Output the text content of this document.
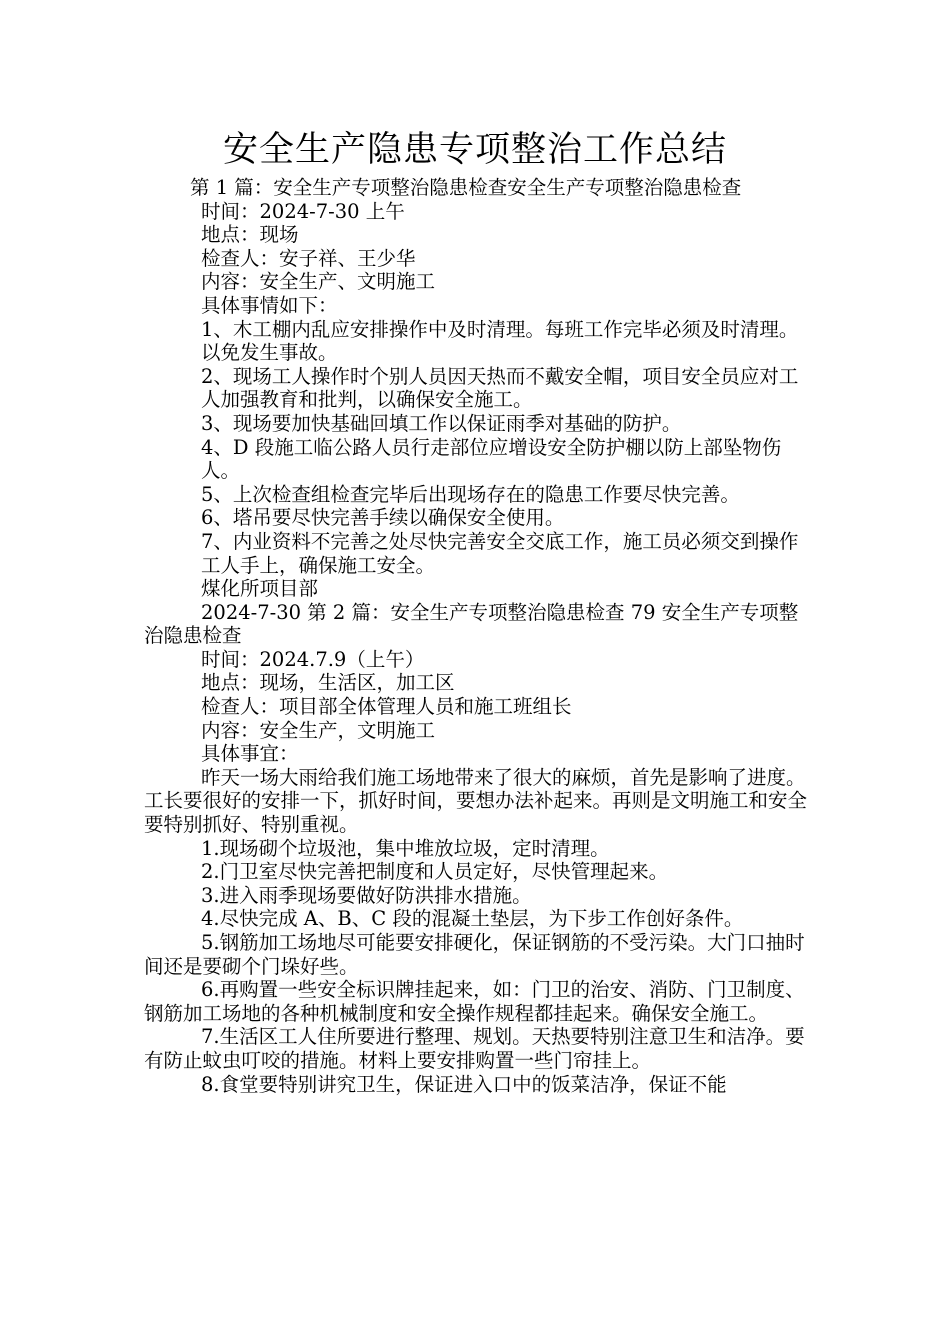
安全生产隐患专项整治工作总结

第 1 篇：安全生产专项整治隐患检查安全生产专项整治隐患检查

时间：2024-7-30 上午

地点：现场

检查人：安子祥、王少华

内容：安全生产、文明施工

具体事情如下：

1、木工棚内乱应安排操作中及时清理。每班工作完毕必须及时清理。以免发生事故。

2、现场工人操作时个别人员因天热而不戴安全帽，项目安全员应对工人加强教育和批判，以确保安全施工。

3、现场要加快基础回填工作以保证雨季对基础的防护。

4、D 段施工临公路人员行走部位应增设安全防护棚以防上部坠物伤人。

5、上次检查组检查完毕后出现场存在的隐患工作要尽快完善。

6、塔吊要尽快完善手续以确保安全使用。

7、内业资料不完善之处尽快完善安全交底工作，施工员必须交到操作工人手上，确保施工安全。

煤化所项目部

2024-7-30 第 2 篇：安全生产专项整治隐患检查 79 安全生产专项整治隐患检查

时间：2024.7.9（上午）

地点：现场，生活区，加工区

检查人：项目部全体管理人员和施工班组长

内容：安全生产，文明施工

具体事宜：

昨天一场大雨给我们施工场地带来了很大的麻烦，首先是影响了进度。工长要很好的安排一下，抓好时间，要想办法补起来。再则是文明施工和安全要特别抓好、特别重视。

1.现场砌个垃圾池，集中堆放垃圾，定时清理。

2.门卫室尽快完善把制度和人员定好，尽快管理起来。

3.进入雨季现场要做好防洪排水措施。

4.尽快完成 A、B、C 段的混凝土垫层，为下步工作创好条件。

5.钢筋加工场地尽可能要安排硬化，保证钢筋的不受污染。大门口抽时间还是要砌个门垛好些。

6.再购置一些安全标识牌挂起来，如：门卫的治安、消防、门卫制度、钢筋加工场地的各种机械制度和安全操作规程都挂起来。确保安全施工。

7.生活区工人住所要进行整理、规划。天热要特别注意卫生和洁净。要有防止蚊虫叮咬的措施。材料上要安排购置一些门帘挂上。

8.食堂要特别讲究卫生，保证进入口中的饭菜洁净，保证不能
